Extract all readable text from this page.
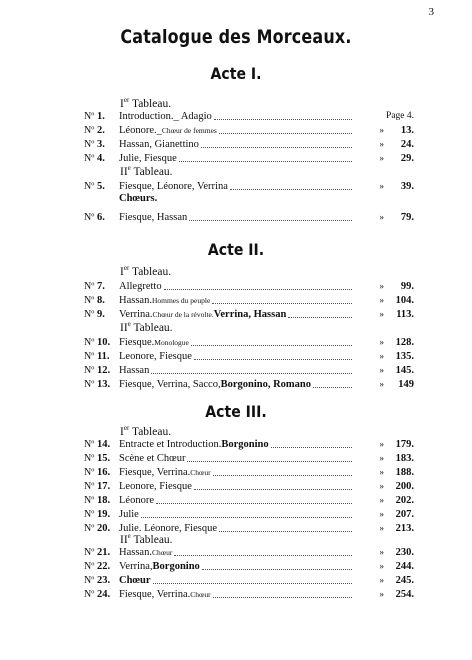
3
Catalogue des Morceaux.
Acte I.
Acte II.
Acte III.
Ier Tableau.
IIe Tableau.
Ier Tableau.
IIe Tableau.
Ier Tableau.
IIe Tableau.
Chœurs.
Nº 1.	Introduction._ Adagio	Page 4.
Nº 2.	Léonore._ Chœur de femmes	»	13.
Nº 3.	Hassan, Gianettino	»	24.
Nº 4.	Julie, Fiesque	»	29.
Nº 5.	Fiesque, Léonore, Verrina	»	39.
Nº 6.	Fiesque, Hassan	»	79.
Nº 7.	Allegretto	»	99.
Nº 8.	Hassan. Hommes du peuple	»	104.
Nº 9.	Verrina. Chœur de la révolte. Verrina, Hassan	»	113.
Nº 10. Fiesque. Monologue	»	128.
Nº 11. Leonore, Fiesque	»	135.
Nº 12. Hassan	»	145.
Nº 13. Fiesque, Verrina, Sacco, Borgonino, Romano	»	149
Nº 14. Entracte et Introduction. Borgonino	»	179.
Nº 15. Scène et Chœur	»	183.
Nº 16. Fiesque, Verrina. Chœur	»	188.
Nº 17. Leonore, Fiesque	»	200.
Nº 18. Léonore	»	202.
Nº 19. Julie	»	207.
Nº 20. Julie. Léonore, Fiesque	»	213.
Nº 21. Hassan. Chœur	»	230.
Nº 22. Verrina, Borgonino	»	244.
Nº 23. Chœur	»	245.
Nº 24. Fiesque, Verrina. Chœur	»	254.
